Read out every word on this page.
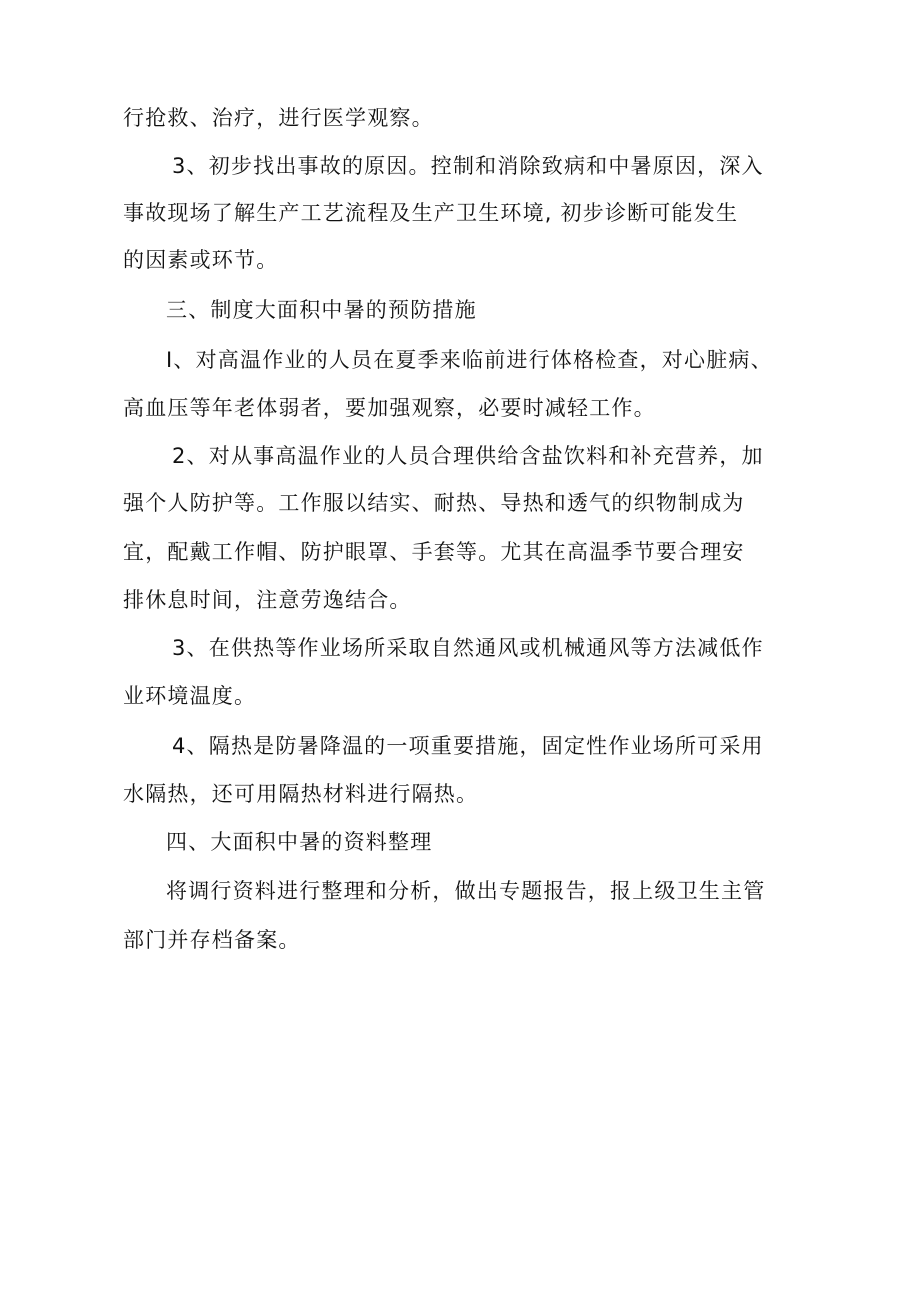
行抢救、治疗，进行医学观察。
3、初步找出事故的原因。控制和消除致病和中暑原因，深入
事故现场了解生产工艺流程及生产卫生环境, 初步诊断可能发生
的因素或环节。
三、制度大面积中暑的预防措施
I、对高温作业的人员在夏季来临前进行体格检查，对心脏病、
高血压等年老体弱者，要加强观察，必要时减轻工作。
2、对从事高温作业的人员合理供给含盐饮料和补充营养，加
强个人防护等。工作服以结实、耐热、导热和透气的织物制成为
宜，配戴工作帽、防护眼罩、手套等。尤其在高温季节要合理安
排休息时间，注意劳逸结合。
3、在供热等作业场所采取自然通风或机械通风等方法减低作
业环境温度。
4、隔热是防暑降温的一项重要措施，固定性作业场所可采用
水隔热，还可用隔热材料进行隔热。
四、大面积中暑的资料整理
将调行资料进行整理和分析，做出专题报告，报上级卫生主管
部门并存档备案。
